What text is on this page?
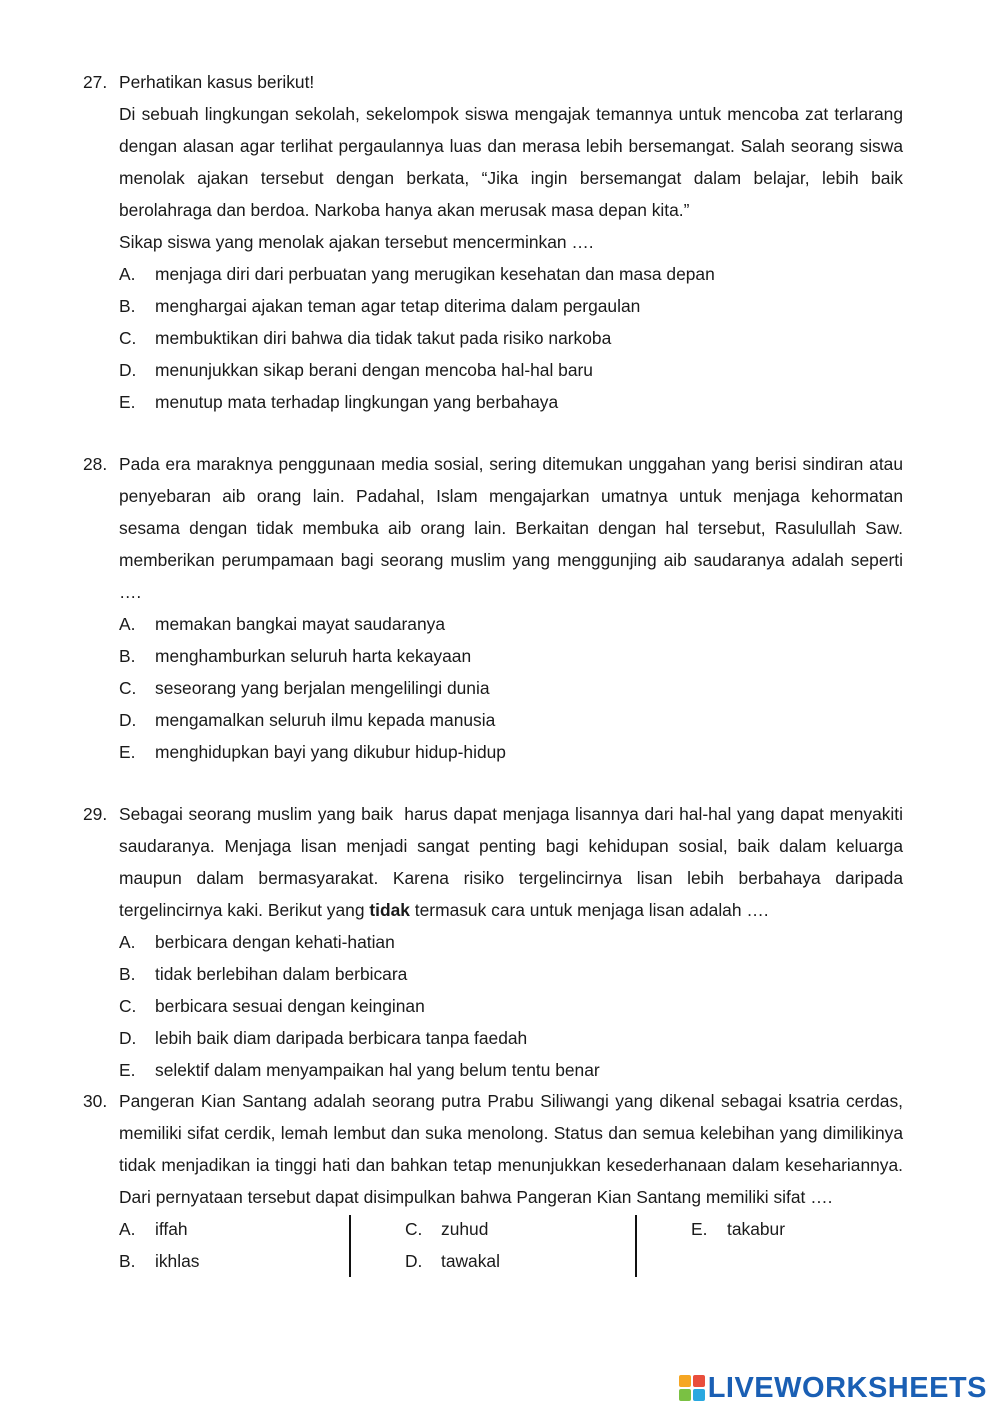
27. Perhatikan kasus berikut!

Di sebuah lingkungan sekolah, sekelompok siswa mengajak temannya untuk mencoba zat terlarang dengan alasan agar terlihat pergaulannya luas dan merasa lebih bersemangat. Salah seorang siswa menolak ajakan tersebut dengan berkata, “Jika ingin bersemangat dalam belajar, lebih baik berolahraga dan berdoa. Narkoba hanya akan merusak masa depan kita.”

Sikap siswa yang menolak ajakan tersebut mencerminkan ….

A. menjaga diri dari perbuatan yang merugikan kesehatan dan masa depan
B. menghargai ajakan teman agar tetap diterima dalam pergaulan
C. membuktikan diri bahwa dia tidak takut pada risiko narkoba
D. menunjukkan sikap berani dengan mencoba hal-hal baru
E. menutup mata terhadap lingkungan yang berbahaya
28. Pada era maraknya penggunaan media sosial, sering ditemukan unggahan yang berisi sindiran atau penyebaran aib orang lain. Padahal, Islam mengajarkan umatnya untuk menjaga kehormatan sesama dengan tidak membuka aib orang lain. Berkaitan dengan hal tersebut, Rasulullah Saw. memberikan perumpamaan bagi seorang muslim yang menggunjing aib saudaranya adalah seperti ….

A. memakan bangkai mayat saudaranya
B. menghamburkan seluruh harta kekayaan
C. seseorang yang berjalan mengelilingi dunia
D. mengamalkan seluruh ilmu kepada manusia
E. menghidupkan bayi yang dikubur hidup-hidup
29. Sebagai seorang muslim yang baik  harus dapat menjaga lisannya dari hal-hal yang dapat menyakiti saudaranya. Menjaga lisan menjadi sangat penting bagi kehidupan sosial, baik dalam keluarga maupun dalam bermasyarakat. Karena risiko tergelincirnya lisan lebih berbahaya daripada tergelincirnya kaki. Berikut yang tidak termasuk cara untuk menjaga lisan adalah ….

A. berbicara dengan kehati-hatian
B. tidak berlebihan dalam berbicara
C. berbicara sesuai dengan keinginan
D. lebih baik diam daripada berbicara tanpa faedah
E. selektif dalam menyampaikan hal yang belum tentu benar
30. Pangeran Kian Santang adalah seorang putra Prabu Siliwangi yang dikenal sebagai ksatria cerdas, memiliki sifat cerdik, lemah lembut dan suka menolong. Status dan semua kelebihan yang dimilikinya tidak menjadikan ia tinggi hati dan bahkan tetap menunjukkan kesederhanaan dalam kesehariannya. Dari pernyataan tersebut dapat disimpulkan bahwa Pangeran Kian Santang memiliki sifat ….

A. iffah
B. ikhlas
C. zuhud
D. tawakal
E. takabur
LIVEWORKSHEETS
